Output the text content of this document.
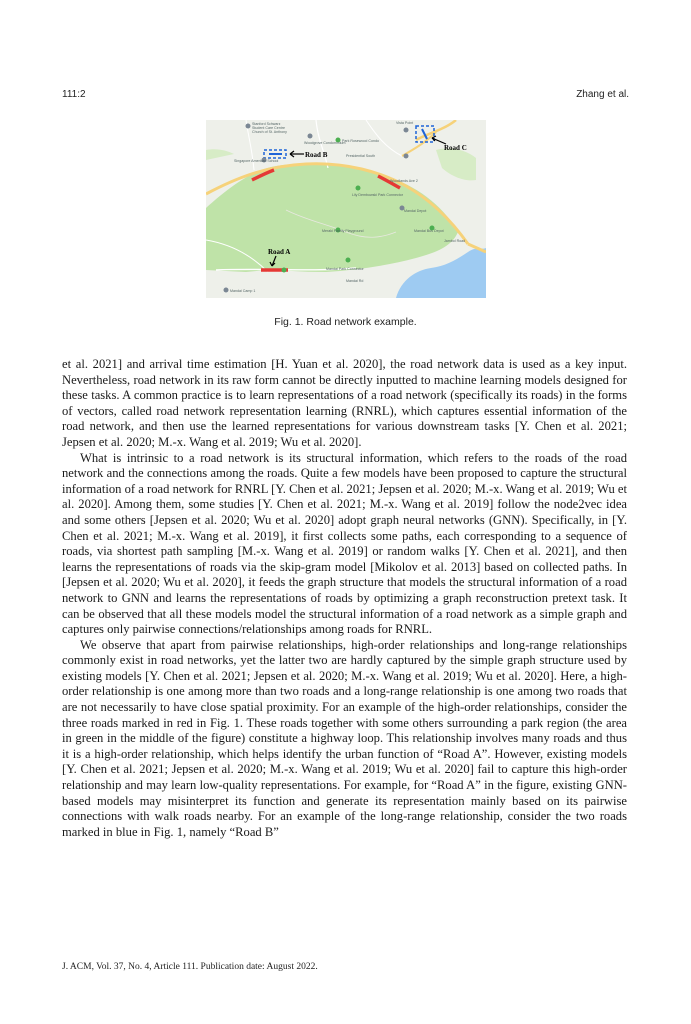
111:2	Zhang et al.
Stanford Schwarz
Student Care Centre
Church of St. Anthony
Park Rosewood Condo
Woodgrove Condominium
Presidential South
Singapore American School
Lily Dembowski Park Connector
Mandai Depot
Mandai Bus Depot
Jambol Road
Mandai Park Connector
Mandai Camp 1
Vista Point
Woodlands Ave 2
Meraki Family Playground
Mandai Rd
Road B
Road C
Road A
Fig. 1. Road network example.

et al. 2021] and arrival time estimation [H. Yuan et al. 2020], the road network data is used as a key input. Nevertheless, road network in its raw form cannot be directly inputted to machine learning models designed for these tasks. A common practice is to learn representations of a road network (specifically its roads) in the forms of vectors, called road network representation learning (RNRL), which captures essential information of the road network, and then use the learned representations for various downstream tasks [Y. Chen et al. 2021; Jepsen et al. 2020; M.-x. Wang et al. 2019; Wu et al. 2020].

What is intrinsic to a road network is its structural information, which refers to the roads of the road network and the connections among the roads. Quite a few models have been proposed to capture the structural information of a road network for RNRL [Y. Chen et al. 2021; Jepsen et al. 2020; M.-x. Wang et al. 2019; Wu et al. 2020]. Among them, some studies [Y. Chen et al. 2021; M.-x. Wang et al. 2019] follow the node2vec idea and some others [Jepsen et al. 2020; Wu et al. 2020] adopt graph neural networks (GNN). Specifically, in [Y. Chen et al. 2021; M.-x. Wang et al. 2019], it first collects some paths, each corresponding to a sequence of roads, via shortest path sampling [M.-x. Wang et al. 2019] or random walks [Y. Chen et al. 2021], and then learns the representations of roads via the skip-gram model [Mikolov et al. 2013] based on collected paths. In [Jepsen et al. 2020; Wu et al. 2020], it feeds the graph structure that models the structural information of a road network to GNN and learns the representations of roads by optimizing a graph reconstruction pretext task. It can be observed that all these models model the structural information of a road network as a simple graph and captures only pairwise connections/relationships among roads for RNRL.

We observe that apart from pairwise relationships, high-order relationships and long-range relationships commonly exist in road networks, yet the latter two are hardly captured by the simple graph structure used by existing models [Y. Chen et al. 2021; Jepsen et al. 2020; M.-x. Wang et al. 2019; Wu et al. 2020]. Here, a high-order relationship is one among more than two roads and a long-range relationship is one among two roads that are not necessarily to have close spatial proximity. For an example of the high-order relationships, consider the three roads marked in red in Fig. 1. These roads together with some others surrounding a park region (the area in green in the middle of the figure) constitute a highway loop. This relationship involves many roads and thus it is a high-order relationship, which helps identify the urban function of “Road A”. However, existing models [Y. Chen et al. 2021; Jepsen et al. 2020; M.-x. Wang et al. 2019; Wu et al. 2020] fail to capture this high-order relationship and may learn low-quality representations. For example, for “Road A” in the figure, existing GNN-based models may misinterpret its function and generate its representation mainly based on its pairwise connections with walk roads nearby. For an example of the long-range relationship, consider the two roads marked in blue in Fig. 1, namely “Road B”

J. ACM, Vol. 37, No. 4, Article 111. Publication date: August 2022.
